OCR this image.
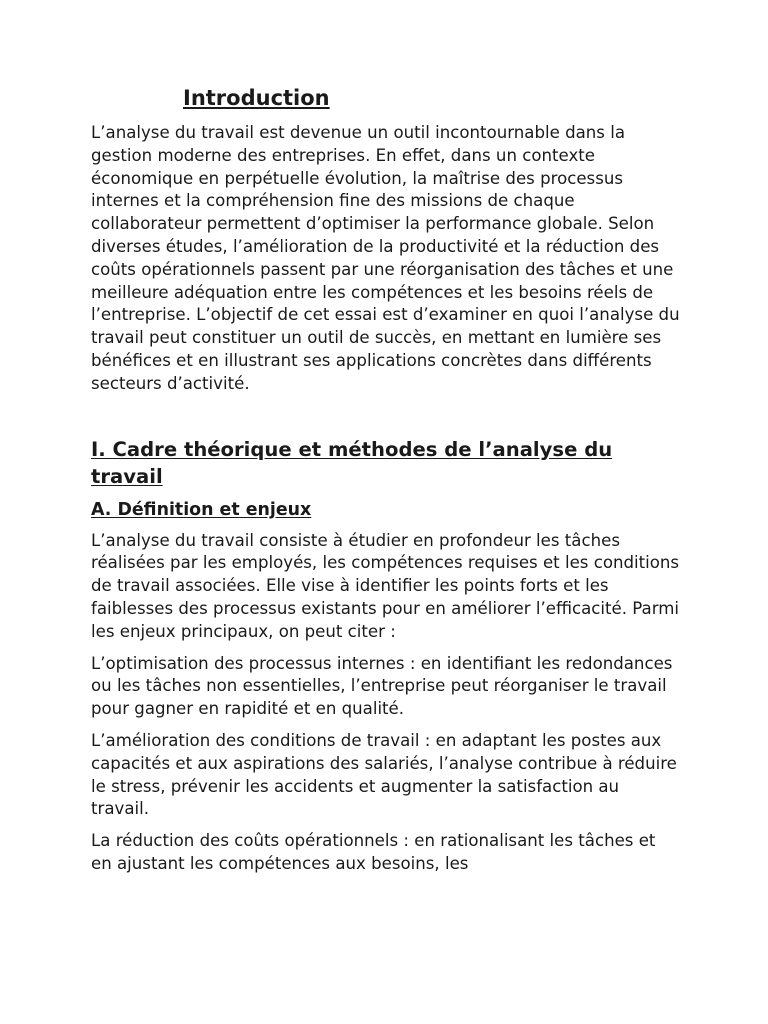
Introduction

L’analyse du travail est devenue un outil incontournable dans la gestion moderne des entreprises. En effet, dans un contexte économique en perpétuelle évolution, la maîtrise des processus internes et la compréhension fine des missions de chaque collaborateur permettent d’optimiser la performance globale. Selon diverses études, l’amélioration de la productivité et la réduction des coûts opérationnels passent par une réorganisation des tâches et une meilleure adéquation entre les compétences et les besoins réels de l’entreprise. L’objectif de cet essai est d’examiner en quoi l’analyse du travail peut constituer un outil de succès, en mettant en lumière ses bénéfices et en illustrant ses applications concrètes dans différents secteurs d’activité.

I. Cadre théorique et méthodes de l’analyse du travail
A. Définition et enjeux

L’analyse du travail consiste à étudier en profondeur les tâches réalisées par les employés, les compétences requises et les conditions de travail associées. Elle vise à identifier les points forts et les faiblesses des processus existants pour en améliorer l’efficacité. Parmi les enjeux principaux, on peut citer :

L’optimisation des processus internes : en identifiant les redondances ou les tâches non essentielles, l’entreprise peut réorganiser le travail pour gagner en rapidité et en qualité.

L’amélioration des conditions de travail : en adaptant les postes aux capacités et aux aspirations des salariés, l’analyse contribue à réduire le stress, prévenir les accidents et augmenter la satisfaction au travail.

La réduction des coûts opérationnels : en rationalisant les tâches et en ajustant les compétences aux besoins, les
